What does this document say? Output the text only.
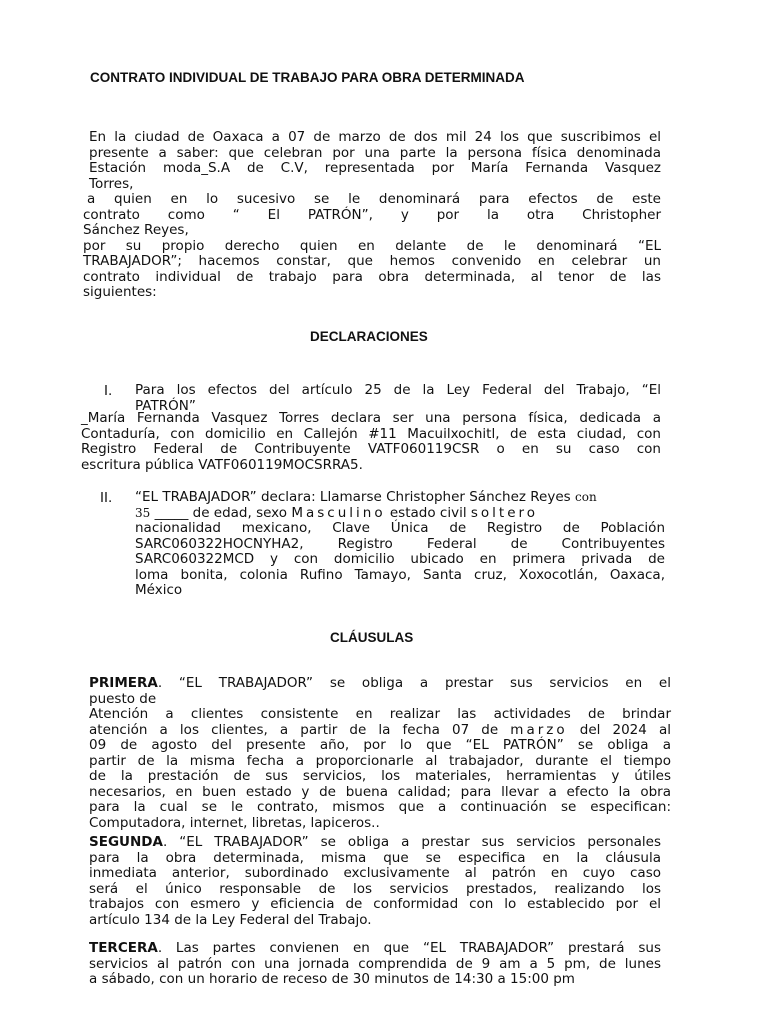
CONTRATO INDIVIDUAL DE TRABAJO PARA OBRA DETERMINADA
En la ciudad de Oaxaca a 07 de marzo de dos mil 24 los que suscribimos el
presente a saber: que celebran por una parte la persona física denominada
Estación moda_S.A de C.V, representada por María Fernanda Vasquez
Torres,
a quien en lo sucesivo se le denominará para efectos de este
contrato como “ El PATRÓN”, y por la otra Christopher
Sánchez Reyes,
por su propio derecho quien en delante de le denominará “EL
TRABAJADOR”; hacemos constar, que hemos convenido en celebrar un
contrato individual de trabajo para obra determinada, al tenor de las
siguientes:
DECLARACIONES
I. Para los efectos del artículo 25 de la Ley Federal del Trabajo, “El
PATRÓN”
_María Fernanda Vasquez Torres declara ser una persona física, dedicada a
Contaduría, con domicilio en Callejón #11 Macuilxochitl, de esta ciudad, con
Registro Federal de Contribuyente VATF060119CSR o en su caso con
escritura pública VATF060119MOCSRRA5.
II. “EL TRABAJADOR” declara: Llamarse Christopher Sánchez Reyes con
35 _____ de edad, sexo Masculino estado civil soltero
nacionalidad mexicano, Clave Única de Registro de Población
SARC060322HOCNYHA2, Registro Federal de Contribuyentes
SARC060322MCD y con domicilio ubicado en primera privada de
loma bonita, colonia Rufino Tamayo, Santa cruz, Xoxocotlán, Oaxaca,
México
CLÁUSULAS
PRIMERA. “EL TRABAJADOR” se obliga a prestar sus servicios en el
puesto de
Atención a clientes consistente en realizar las actividades de brindar
atención a los clientes, a partir de la fecha 07 de marzo del 2024 al
09 de agosto del presente año, por lo que “EL PATRÓN” se obliga a
partir de la misma fecha a proporcionarle al trabajador, durante el tiempo
de la prestación de sus servicios, los materiales, herramientas y útiles
necesarios, en buen estado y de buena calidad; para llevar a efecto la obra
para la cual se le contrato, mismos que a continuación se especifican:
Computadora, internet, libretas, lapiceros..
SEGUNDA. “EL TRABAJADOR” se obliga a prestar sus servicios personales
para la obra determinada, misma que se especifica en la cláusula
inmediata anterior, subordinado exclusivamente al patrón en cuyo caso
será el único responsable de los servicios prestados, realizando los
trabajos con esmero y eficiencia de conformidad con lo establecido por el
artículo 134 de la Ley Federal del Trabajo.
TERCERA. Las partes convienen en que “EL TRABAJADOR” prestará sus
servicios al patrón con una jornada comprendida de 9 am a 5 pm, de lunes
a sábado, con un horario de receso de 30 minutos de 14:30 a 15:00 pm
